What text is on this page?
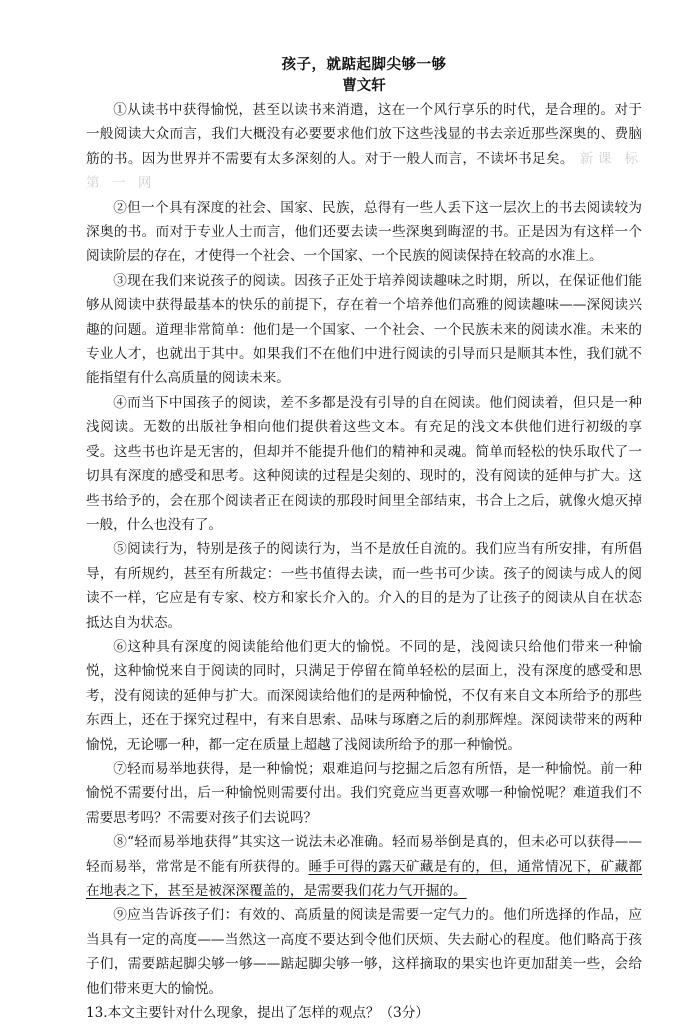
孩子，就踮起脚尖够一够
曹文轩

①从读书中获得愉悦，甚至以读书来消遣，这在一个风行享乐的时代，是合理的。对于一般阅读大众而言，我们大概没有必要要求他们放下这些浅显的书去亲近那些深奥的、费脑筋的书。因为世界并不需要有太多深刻的人。对于一般人而言，不读坏书足矣。 新课 标第 一 网

②但一个具有深度的社会、国家、民族，总得有一些人丢下这一层次上的书去阅读较为深奥的书。而对于专业人士而言，他们还要去读一些深奥到晦涩的书。正是因为有这样一个阅读阶层的存在，才使得一个社会、一个国家、一个民族的阅读保持在较高的水准上。

③现在我们来说孩子的阅读。因孩子正处于培养阅读趣味之时期，所以，在保证他们能够从阅读中获得最基本的快乐的前提下，存在着一个培养他们高雅的阅读趣味——深阅读兴趣的问题。道理非常简单：他们是一个国家、一个社会、一个民族未来的阅读水准。未来的专业人才，也就出于其中。如果我们不在他们中进行阅读的引导而只是顺其本性，我们就不能指望有什么高质量的阅读未来。

④而当下中国孩子的阅读，差不多都是没有引导的自在阅读。他们阅读着，但只是一种浅阅读。无数的出版社争相向他们提供着这些文本。有充足的浅文本供他们进行初级的享受。这些书也许是无害的，但却并不能提升他们的精神和灵魂。简单而轻松的快乐取代了一切具有深度的感受和思考。这种阅读的过程是尖刻的、现时的，没有阅读的延伸与扩大。这些书给予的，会在那个阅读者正在阅读的那段时间里全部结束，书合上之后，就像火熄灭掉一般，什么也没有了。

⑤阅读行为，特别是孩子的阅读行为，当不是放任自流的。我们应当有所安排，有所倡导，有所规约，甚至有所裁定：一些书值得去读，而一些书可少读。孩子的阅读与成人的阅读不一样，它应是有专家、校方和家长介入的。介入的目的是为了让孩子的阅读从自在状态抵达自为状态。

⑥这种具有深度的阅读能给他们更大的愉悦。不同的是，浅阅读只给他们带来一种愉悦，这种愉悦来自于阅读的同时，只满足于停留在简单轻松的层面上，没有深度的感受和思考，没有阅读的延伸与扩大。而深阅读给他们的是两种愉悦，不仅有来自文本所给予的那些东西上，还在于探究过程中，有来自思索、品味与琢磨之后的刹那辉煌。深阅读带来的两种愉悦，无论哪一种，都一定在质量上超越了浅阅读所给予的那一种愉悦。

⑦轻而易举地获得，是一种愉悦；艰难追问与挖掘之后忽有所悟，是一种愉悦。前一种愉悦不需要付出，后一种愉悦则需要付出。我们究竟应当更喜欢哪一种愉悦呢？难道我们不需要思考吗？不需要对孩子们去说吗？

⑧“轻而易举地获得”其实这一说法未必准确。轻而易举倒是真的，但未必可以获得——轻而易举，常常是不能有所获得的。睡手可得的露天矿藏是有的，但，通常情况下，矿藏都在地表之下，甚至是被深深覆盖的，是需要我们花力气开掘的。

⑨应当告诉孩子们：有效的、高质量的阅读是需要一定气力的。他们所选择的作品，应当具有一定的高度——当然这一高度不要达到令他们厌烦、失去耐心的程度。他们略高于孩子们，需要踮起脚尖够一够——踮起脚尖够一够，这样摘取的果实也许更加甜美一些，会给他们带来更大的愉悦。

13.本文主要针对什么现象，提出了怎样的观点？（3分）
